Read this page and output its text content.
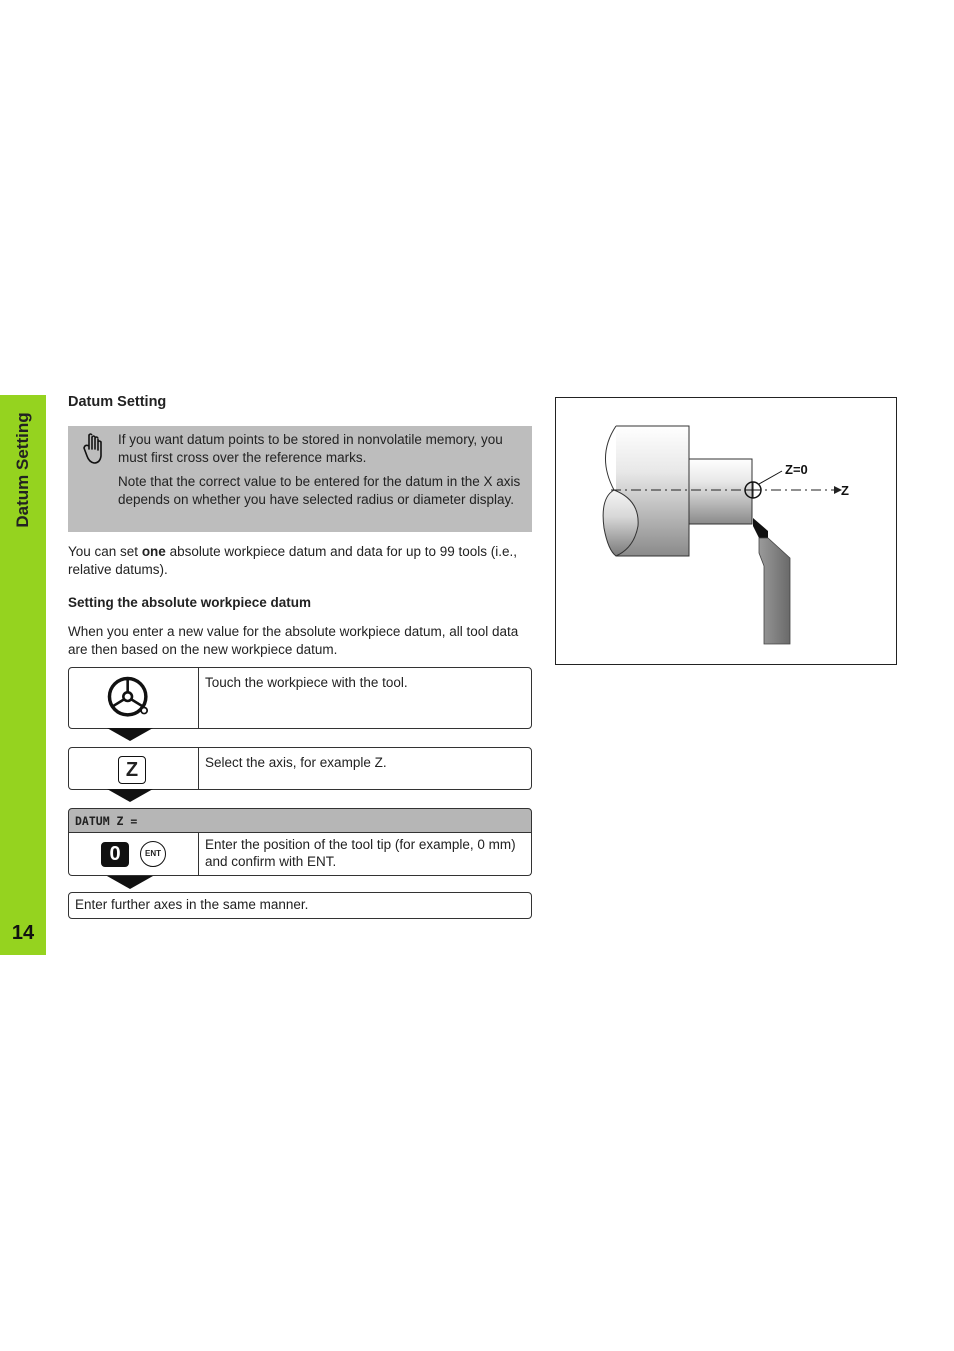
Datum Setting
14
Datum Setting

If you want datum points to be stored in nonvolatile memory, you must first cross over the reference marks.

Note that the correct value to be entered for the datum in the X axis depends on whether you have selected radius or diameter display.

You can set one absolute workpiece datum and data for up to 99 tools (i.e., relative datums).

Setting the absolute workpiece datum

When you enter a new value for the absolute workpiece datum, all tool data are then based on the new workpiece datum.

Touch the workpiece with the tool.
Z	Select the axis, for example Z.
DATUM Z =
0	ENT
Enter the position of the tool tip (for example, 0 mm) and confirm with ENT.
Enter further axes in the same manner.
Z=0
Z
